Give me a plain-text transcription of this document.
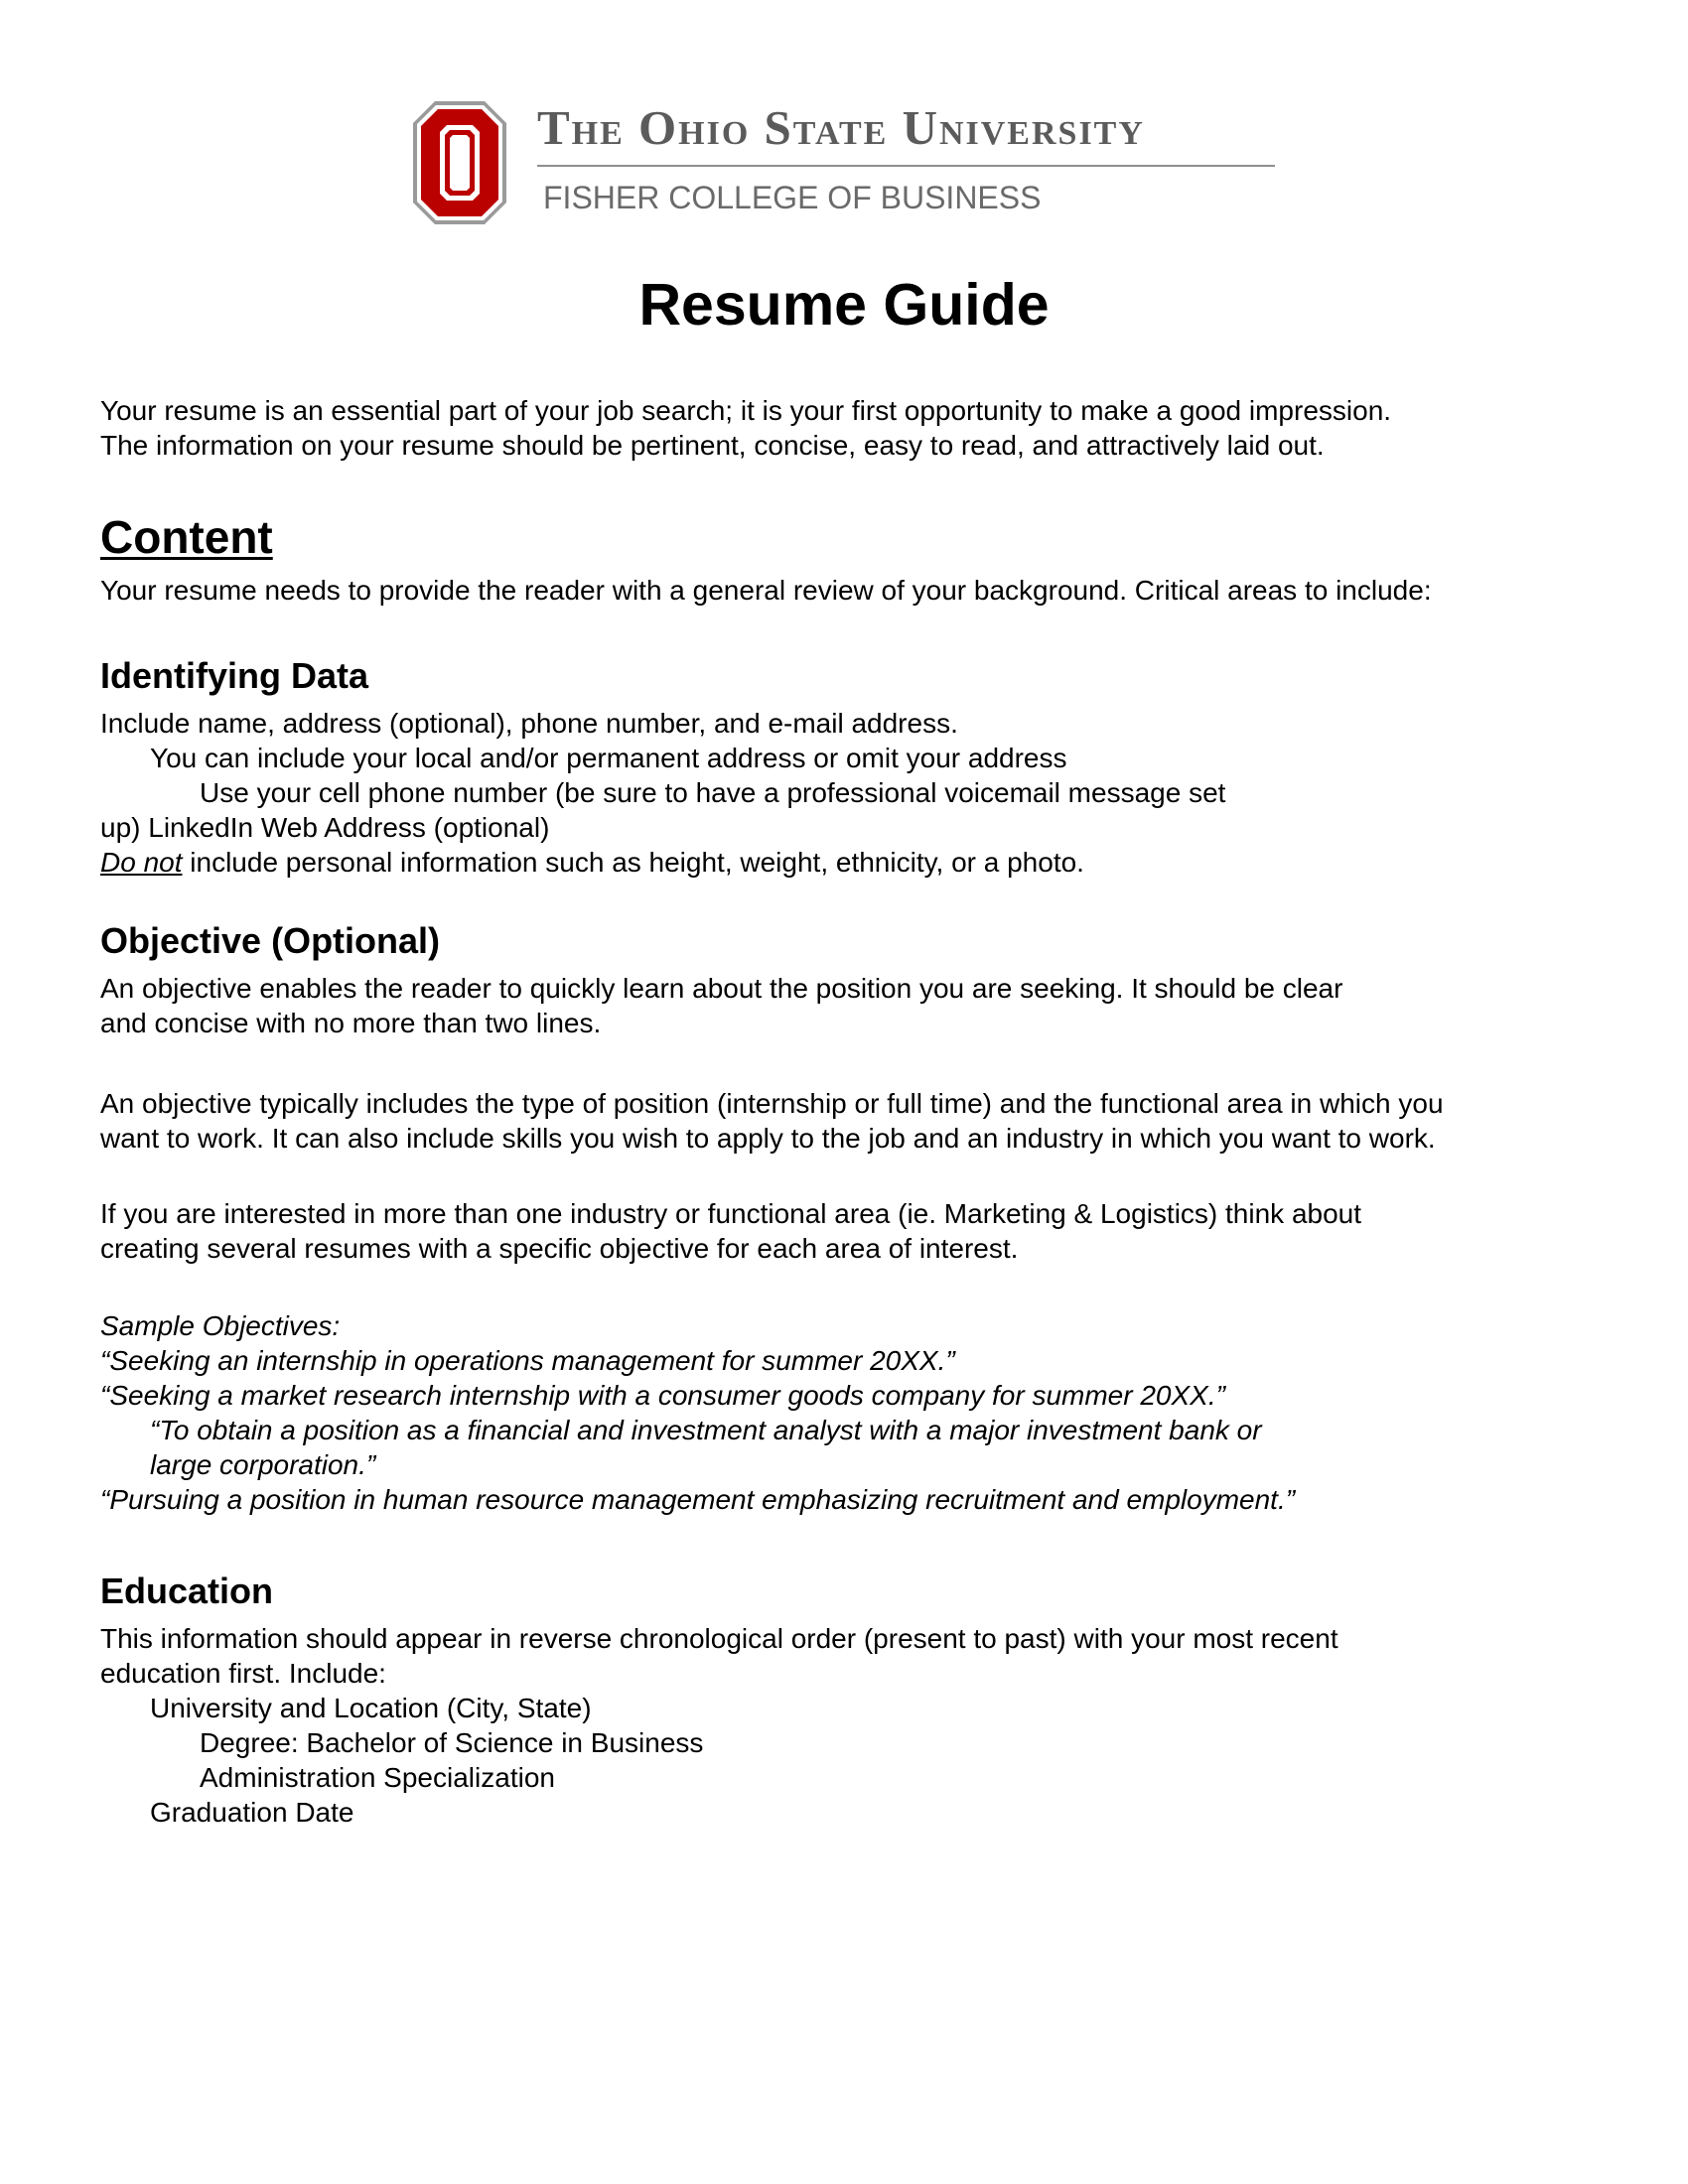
The Ohio State University
FISHER COLLEGE OF BUSINESS
Resume Guide
Your resume is an essential part of your job search; it is your first opportunity to make a good impression.
The information on your resume should be pertinent, concise, easy to read, and attractively laid out.
Content
Your resume needs to provide the reader with a general review of your background. Critical areas to include:
Identifying Data
Include name, address (optional), phone number, and e-mail address.
You can include your local and/or permanent address or omit your address
Use your cell phone number (be sure to have a professional voicemail message set
up) LinkedIn Web Address (optional)
Do not include personal information such as height, weight, ethnicity, or a photo.
Objective (Optional)
An objective enables the reader to quickly learn about the position you are seeking. It should be clear
and concise with no more than two lines.
An objective typically includes the type of position (internship or full time) and the functional area in which you
want to work. It can also include skills you wish to apply to the job and an industry in which you want to work.
If you are interested in more than one industry or functional area (ie. Marketing & Logistics) think about
creating several resumes with a specific objective for each area of interest.
Sample Objectives:
“Seeking an internship in operations management for summer 20XX.”
“Seeking a market research internship with a consumer goods company for summer 20XX.”
“To obtain a position as a financial and investment analyst with a major investment bank or
large corporation.”
“Pursuing a position in human resource management emphasizing recruitment and employment.”
Education
This information should appear in reverse chronological order (present to past) with your most recent
education first. Include:
University and Location (City, State)
Degree: Bachelor of Science in Business
Administration Specialization
Graduation Date
